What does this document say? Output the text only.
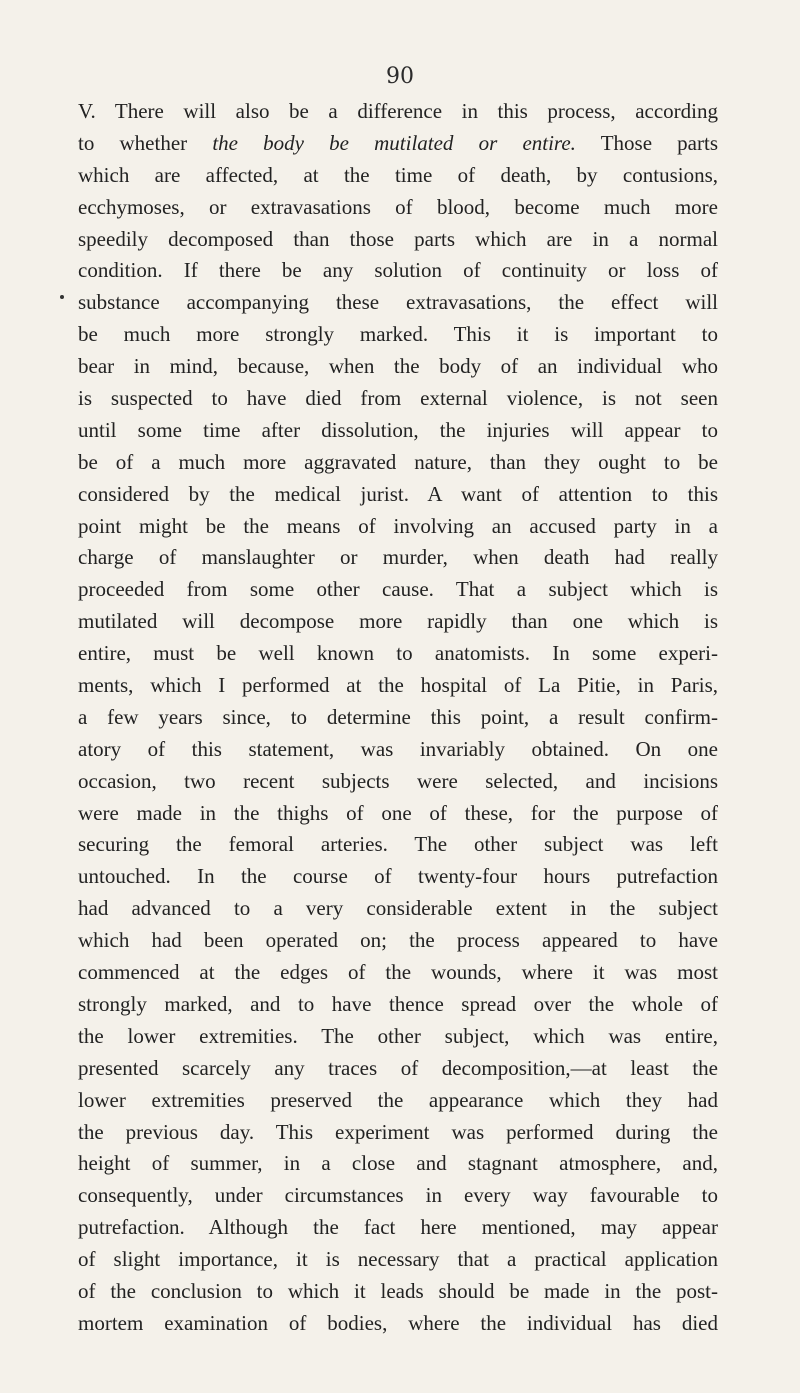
90
V. There will also be a difference in this process, according
to whether the body be mutilated or entire. Those parts
which are affected, at the time of death, by contusions,
ecchymoses, or extravasations of blood, become much more
speedily decomposed than those parts which are in a normal
condition. If there be any solution of continuity or loss of
substance accompanying these extravasations, the effect will
be much more strongly marked. This it is important to
bear in mind, because, when the body of an individual who
is suspected to have died from external violence, is not seen
until some time after dissolution, the injuries will appear to
be of a much more aggravated nature, than they ought to be
considered by the medical jurist. A want of attention to this
point might be the means of involving an accused party in a
charge of manslaughter or murder, when death had really
proceeded from some other cause. That a subject which is
mutilated will decompose more rapidly than one which is
entire, must be well known to anatomists. In some experi-
ments, which I performed at the hospital of La Pitie, in Paris,
a few years since, to determine this point, a result confirm-
atory of this statement, was invariably obtained. On one
occasion, two recent subjects were selected, and incisions
were made in the thighs of one of these, for the purpose of
securing the femoral arteries. The other subject was left
untouched. In the course of twenty-four hours putrefaction
had advanced to a very considerable extent in the subject
which had been operated on; the process appeared to have
commenced at the edges of the wounds, where it was most
strongly marked, and to have thence spread over the whole of
the lower extremities. The other subject, which was entire,
presented scarcely any traces of decomposition,—at least the
lower extremities preserved the appearance which they had
the previous day. This experiment was performed during the
height of summer, in a close and stagnant atmosphere, and,
consequently, under circumstances in every way favourable to
putrefaction. Although the fact here mentioned, may appear
of slight importance, it is necessary that a practical application
of the conclusion to which it leads should be made in the post-
mortem examination of bodies, where the individual has died
